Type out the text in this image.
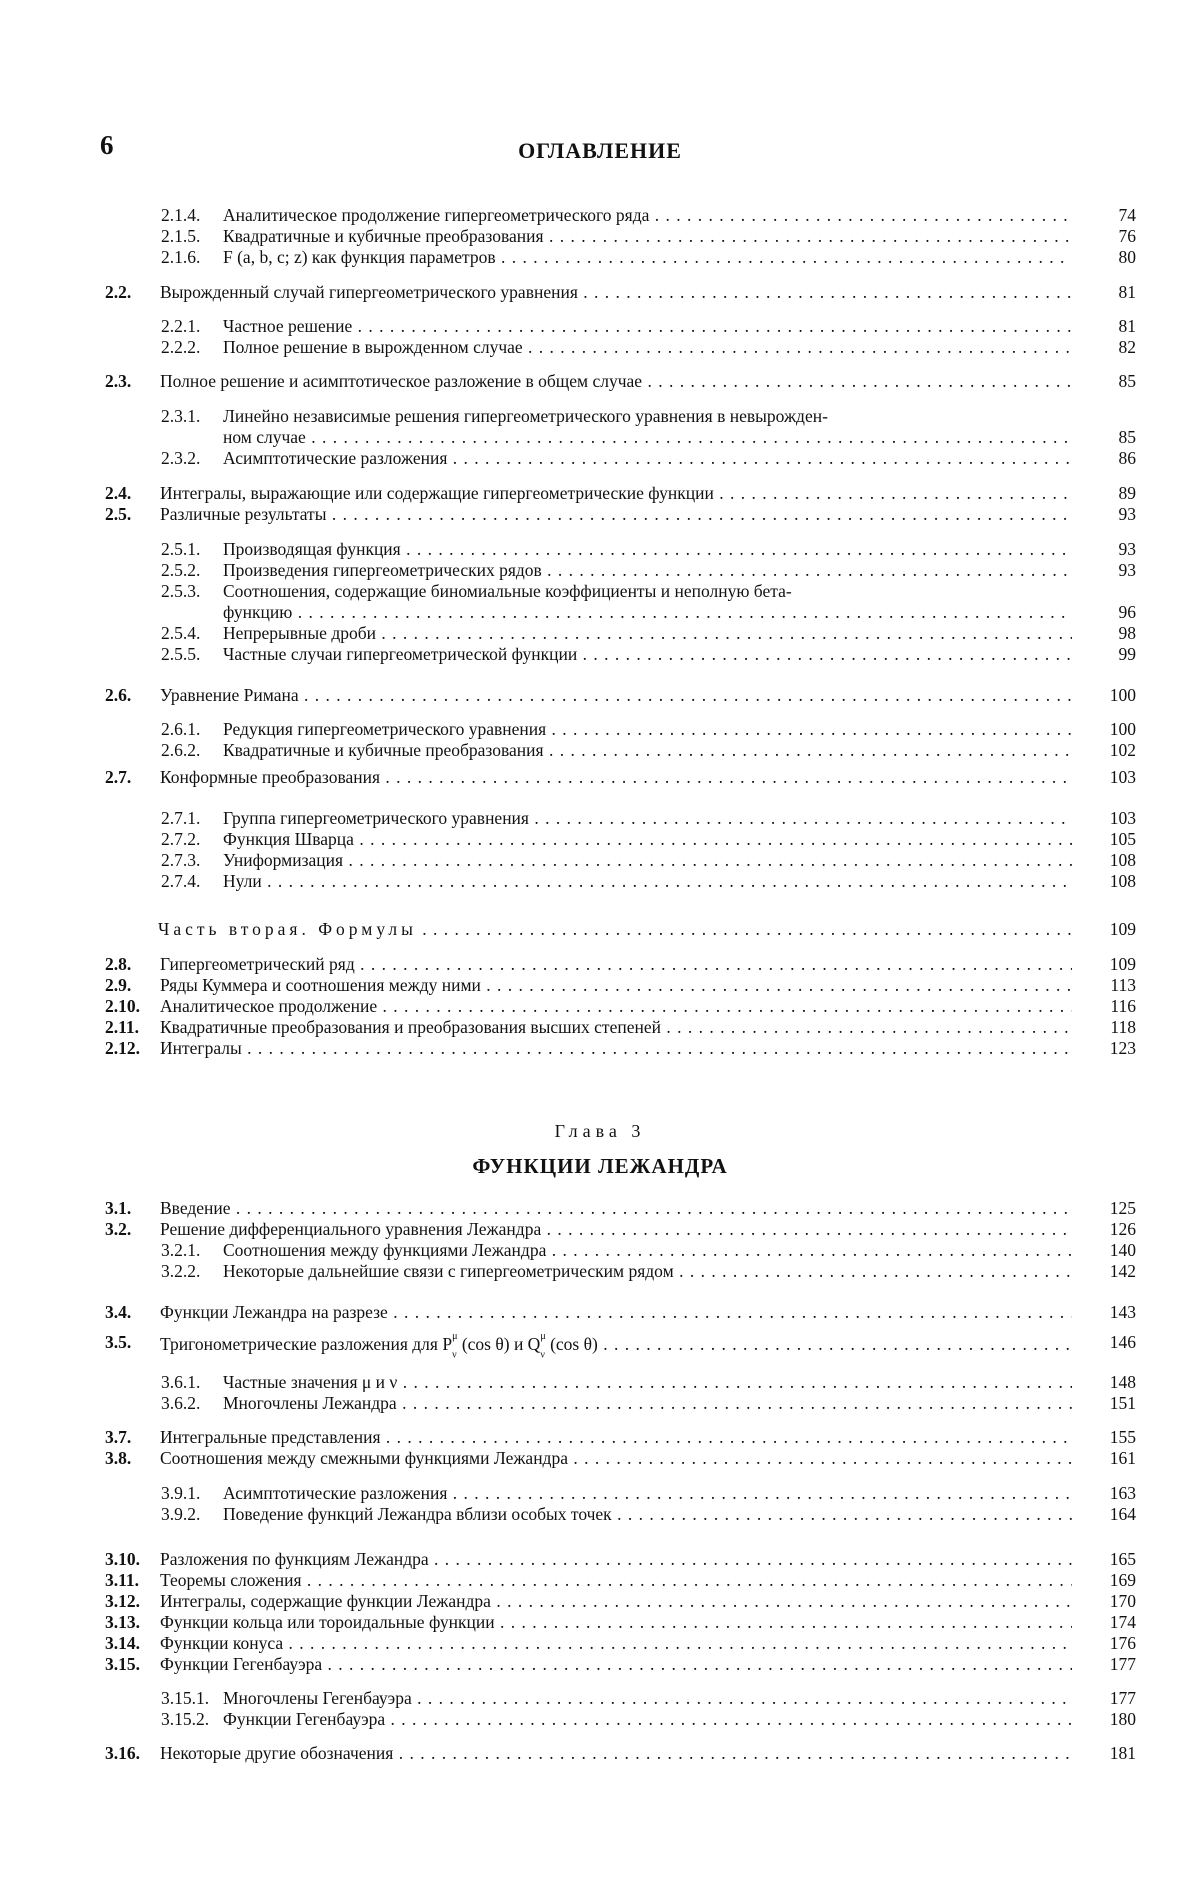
6	ОГЛАВЛЕНИЕ
2.1.4. Аналитическое продолжение гипергеометрического ряда . . .	74
2.1.5. Квадратичные и кубичные преобразования . . .	76
2.1.6. F (a, b, c; z) как функция параметров . . .	80
2.2. Вырожденный случай гипергеометрического уравнения . . .	81
2.2.1. Частное решение . . .	81
2.2.2. Полное решение в вырожденном случае . . .	82
2.3. Полное решение и асимптотическое разложение в общем случае . . .	85
2.3.1. Линейно независимые решения гипергеометрического уравнения в невырожден-
ном случае . . .	85
2.3.2. Асимптотические разложения . . .	86
2.4. Интегралы, выражающие или содержащие гипергеометрические функции . . .	89
2.5. Различные результаты . . .	93
2.5.1. Производящая функция . . .	93
2.5.2. Произведения гипергеометрических рядов . . .	93
2.5.3. Соотношения, содержащие биномиальные коэффициенты и неполную бета-
функцию . . .	96
2.5.4. Непрерывные дроби . . .	98
2.5.5. Частные случаи гипергеометрической функции . . .	99
2.6. Уравнение Римана . . .	100
2.6.1. Редукция гипергеометрического уравнения . . .	100
2.6.2. Квадратичные и кубичные преобразования . . .	102
2.7. Конформные преобразования . . .	103
2.7.1. Группа гипергеометрического уравнения . . .	103
2.7.2. Функция Шварца . . .	105
2.7.3. Униформизация . . .	108
2.7.4. Нули . . .	108
Часть вторая. Формулы . . .	109
2.8. Гипергеометрический ряд . . .	109
2.9. Ряды Куммера и соотношения между ними . . .	113
2.10. Аналитическое продолжение . . .	116
2.11. Квадратичные преобразования и преобразования высших степеней . . .	118
2.12. Интегралы . . .	123
Глава 3
ФУНКЦИИ ЛЕЖАНДРА
3.1. Введение . . .	125
3.2. Решение дифференциального уравнения Лежандра . . .	126
3.2.1. Соотношения между функциями Лежандра . . .	140
3.2.2. Некоторые дальнейшие связи с гипергеометрическим рядом . . .	142
3.4. Функции Лежандра на разрезе . . .	143
3.5. Тригонометрические разложения для $P^\mu$
$_\nu$ (cos θ) и $Q^\mu$
$_\nu$ (cos θ) . . .	146
3.6.1. Частные значения μ и ν . . .	148
3.6.2. Многочлены Лежандра . . .	151
3.7. Интегральные представления . . .	155
3.8. Соотношения между смежными функциями Лежандра . . .	161
3.9.1. Асимптотические разложения . . .	163
3.9.2. Поведение функций Лежандра вблизи особых точек . . .	164
3.10. Разложения по функциям Лежандра . . .	165
3.11. Теоремы сложения . . .	169
3.12. Интегралы, содержащие функции Лежандра . . .	170
3.13. Функции кольца или тороидальные функции . . .	174
3.14. Функции конуса . . .	176
3.15. Функции Гегенбауэра . . .	177
3.15.1. Многочлены Гегенбауэра . . .	177
3.15.2. Функции Гегенбауэра . . .	180
3.16. Некоторые другие обозначения . . .	181
